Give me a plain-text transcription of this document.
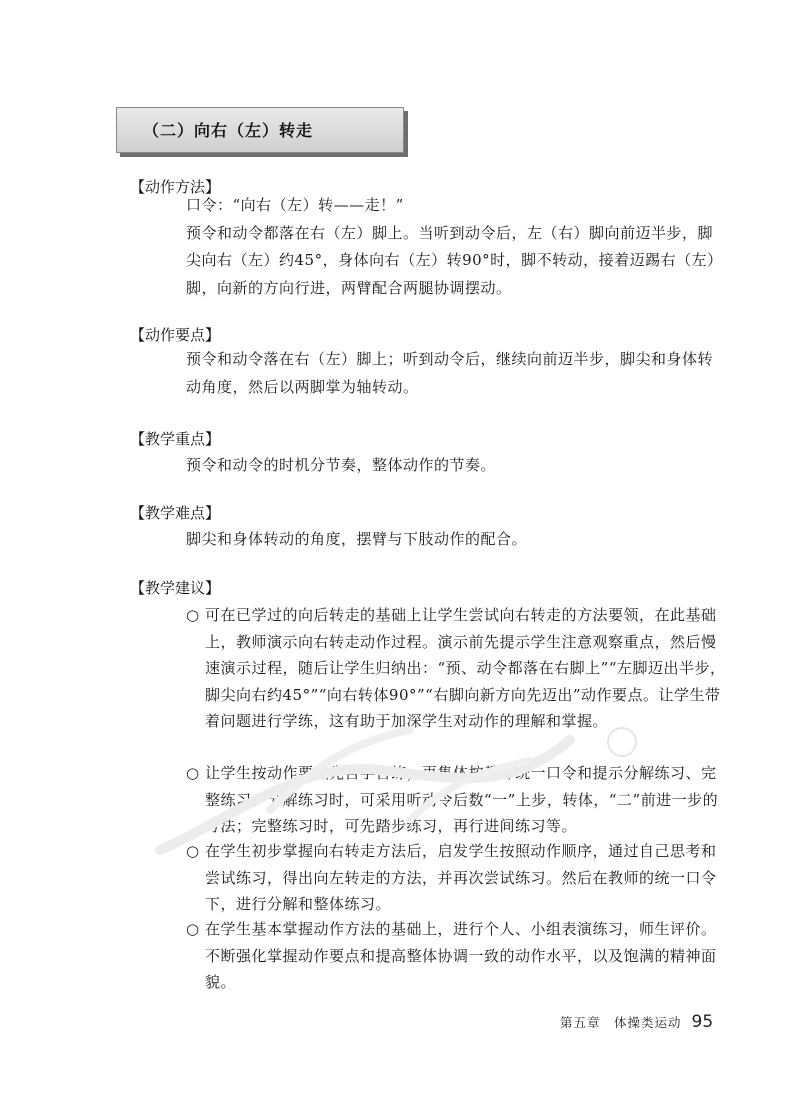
（二）向右（左）转走
【动作方法】
口令：“向右（左）转——走！”
预令和动令都落在右（左）脚上。当听到动令后，左（右）脚向前迈半步，脚尖向右（左）约45°，身体向右（左）转90°时，脚不转动，接着迈踢右（左）脚，向新的方向行进，两臂配合两腿协调摆动。
【动作要点】
预令和动令落在右（左）脚上；听到动令后，继续向前迈半步，脚尖和身体转动角度，然后以两脚掌为轴转动。
【教学重点】
预令和动令的时机分节奏，整体动作的节奏。
【教学难点】
脚尖和身体转动的角度，摆臂与下肢动作的配合。
【教学建议】
○ 可在已学过的向后转走的基础上让学生尝试向右转走的方法要领，在此基础上，教师演示向右转走动作过程。演示前先提示学生注意观察重点，然后慢速演示过程，随后让学生归纳出：“预、动令都落在右脚上”“左脚迈出半步，脚尖向右约45°”“向右转体90°”“右脚向新方向先迈出”动作要点。让学生带着问题进行学练，这有助于加深学生对动作的理解和掌握。
○ 让学生按动作要点先自学自练，再集体按教师统一口令和提示分解练习、完整练习。分解练习时，可采用听动令后数“一”上步，转体，“二”前进一步的方法；完整练习时，可先踏步练习，再行进间练习等。
○ 在学生初步掌握向右转走方法后，启发学生按照动作顺序，通过自己思考和尝试练习，得出向左转走的方法，并再次尝试练习。然后在教师的统一口令下，进行分解和整体练习。
○ 在学生基本掌握动作方法的基础上，进行个人、小组表演练习，师生评价。不断强化掌握动作要点和提高整体协调一致的动作水平，以及饱满的精神面貌。
第五章　体操类运动 95
